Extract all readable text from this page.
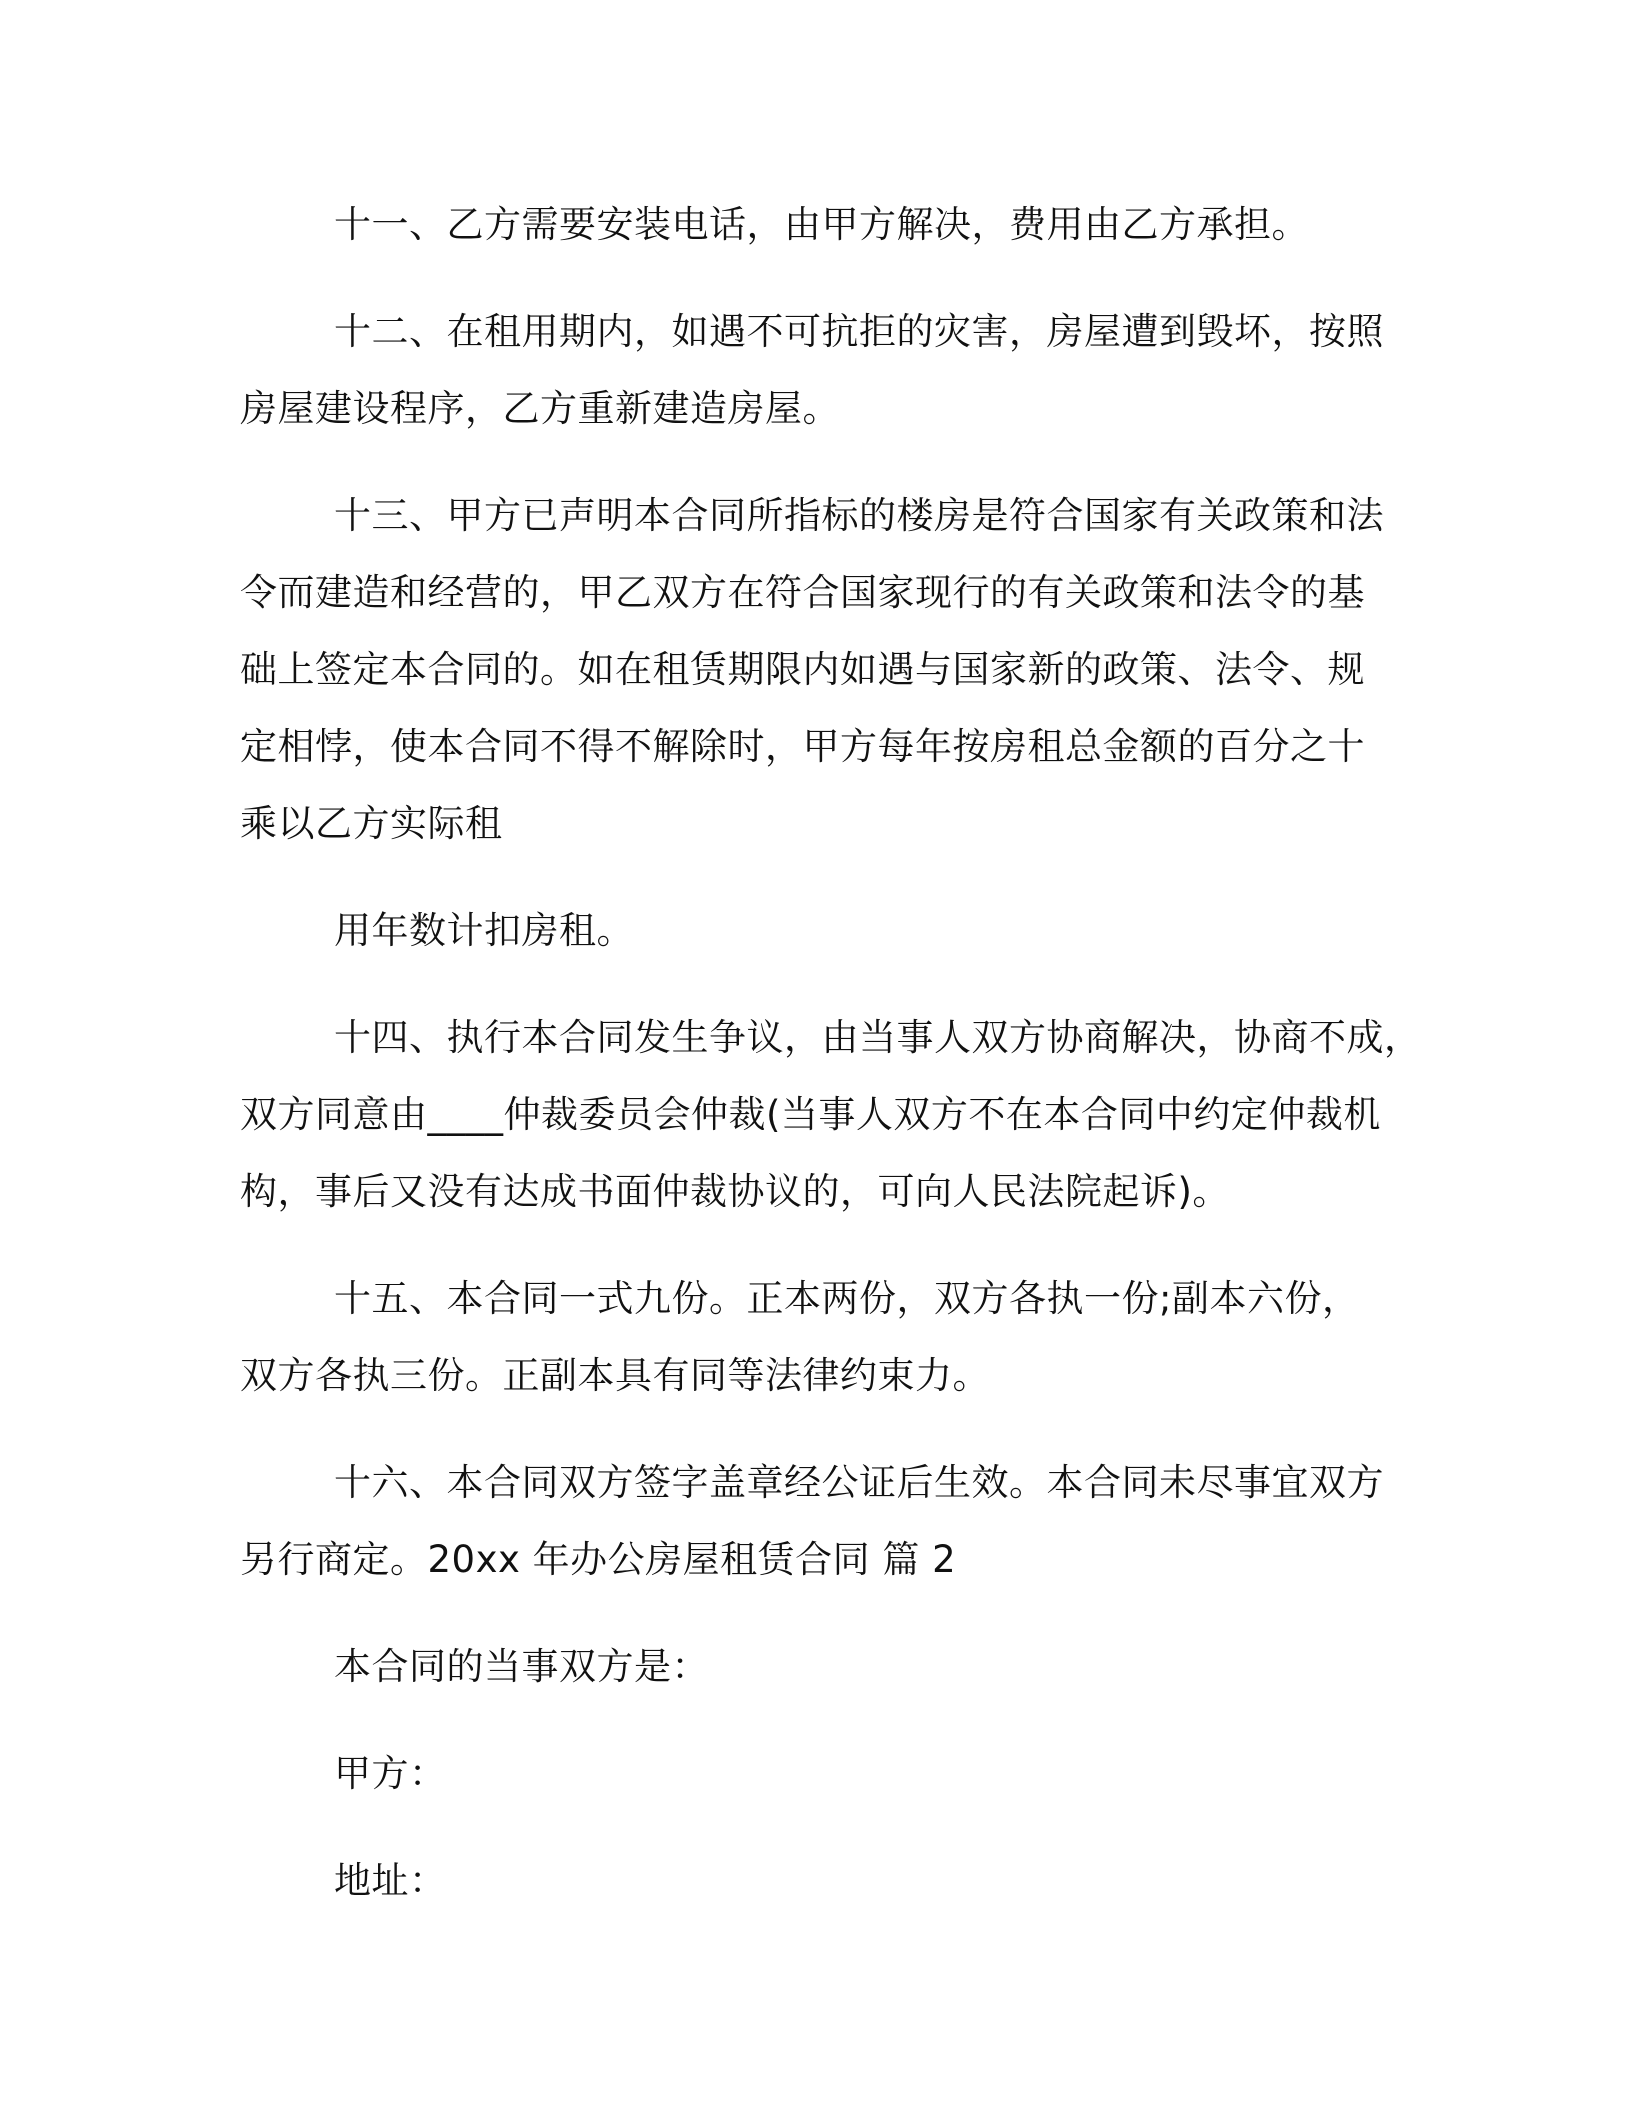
十一、乙方需要安装电话，由甲方解决，费用由乙方承担。
十二、在租用期内，如遇不可抗拒的灾害，房屋遭到毁坏，按照
房屋建设程序，乙方重新建造房屋。
十三、甲方已声明本合同所指标的楼房是符合国家有关政策和法
令而建造和经营的，甲乙双方在符合国家现行的有关政策和法令的基
础上签定本合同的。如在租赁期限内如遇与国家新的政策、法令、规
定相悖，使本合同不得不解除时，甲方每年按房租总金额的百分之十
乘以乙方实际租
用年数计扣房租。
十四、执行本合同发生争议，由当事人双方协商解决，协商不成，
双方同意由____仲裁委员会仲裁(当事人双方不在本合同中约定仲裁机
构，事后又没有达成书面仲裁协议的，可向人民法院起诉)。
十五、本合同一式九份。正本两份，双方各执一份;副本六份，
双方各执三份。正副本具有同等法律约束力。
十六、本合同双方签字盖章经公证后生效。本合同未尽事宜双方
另行商定。20xx 年办公房屋租赁合同 篇 2
本合同的当事双方是：
甲方：
地址：
